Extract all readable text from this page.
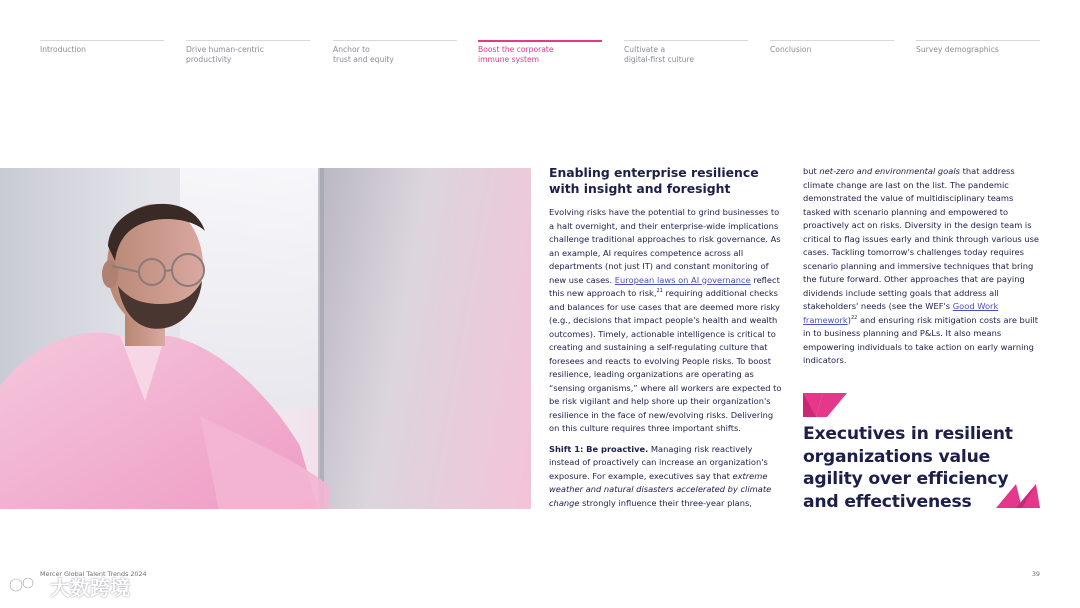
Introduction	Drive human-centric
productivity
Anchor to
trust and equity
Boost the corporate
immune system
Cultivate a
digital-first culture
Conclusion	Survey demographics
Enabling enterprise resilience with insight and foresight

Evolving risks have the potential to grind businesses to a halt overnight, and their enterprise-wide implications challenge traditional approaches to risk governance. As an example, AI requires competence across all departments (not just IT) and constant monitoring of new use cases. European laws on AI governance reflect this new approach to risk,$^{21}$ requiring additional checks and balances for use cases that are deemed more risky (e.g., decisions that impact people's health and wealth outcomes). Timely, actionable intelligence is critical to creating and sustaining a self-regulating culture that foresees and reacts to evolving People risks. To boost resilience, leading organizations are operating as “sensing organisms,” where all workers are expected to be risk vigilant and help shore up their organization's resilience in the face of new/evolving risks. Delivering on this culture requires three important shifts.

Shift 1: Be proactive. Managing risk reactively instead of proactively can increase an organization's exposure. For example, executives say that extreme weather and natural disasters accelerated by climate change strongly influence their three-year plans,

but net-zero and environmental goals that address climate change are last on the list. The pandemic demonstrated the value of multidisciplinary teams tasked with scenario planning and empowered to proactively act on risks. Diversity in the design team is critical to flag issues early and think through various use cases. Tackling tomorrow's challenges today requires scenario planning and immersive techniques that bring the future forward. Other approaches that are paying dividends include setting goals that address all stakeholders' needs (see the WEF's Good Work framework)$^{22}$ and ensuring risk mitigation costs are built in to business planning and P&Ls. It also means empowering individuals to take action on early warning indicators.

Executives in resilient organizations value agility over efficiency and effectiveness
Mercer Global Talent Trends 2024	39
大数跨境
